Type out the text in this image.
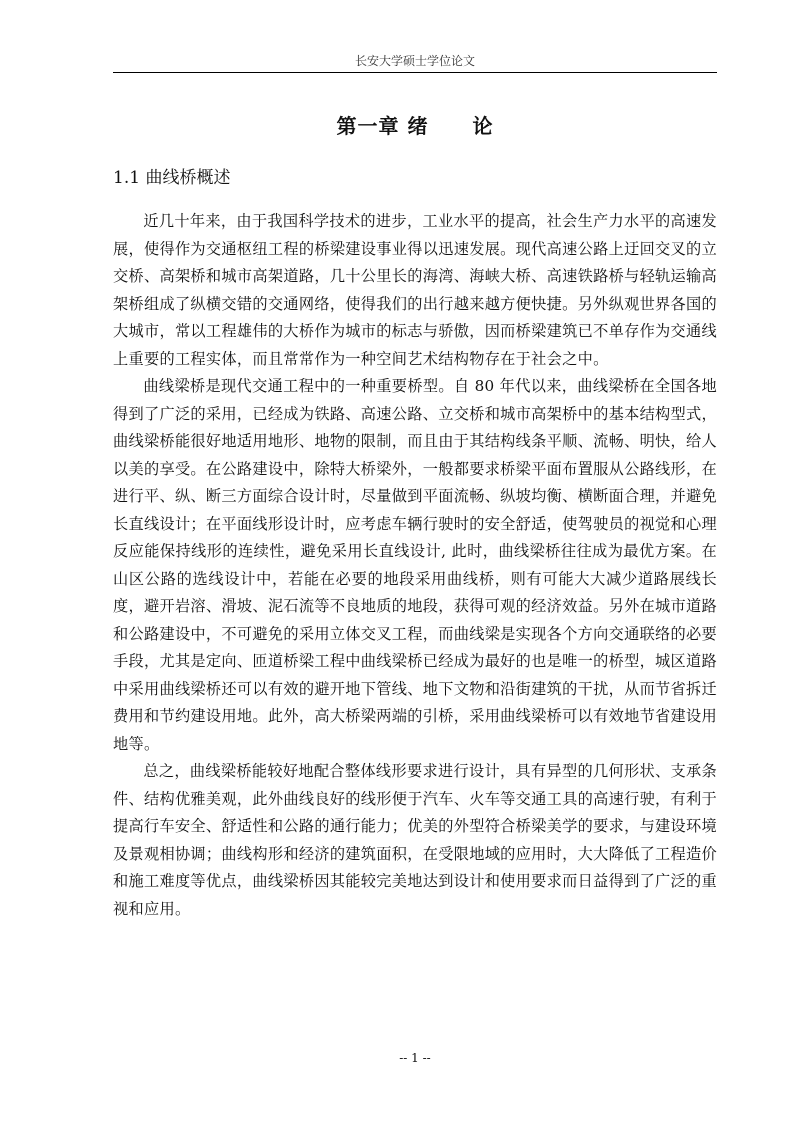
长安大学硕士学位论文
第一章 绪 论
1.1 曲线桥概述

近几十年来，由于我国科学技术的进步，工业水平的提高，社会生产力水平的高速发展，使得作为交通枢纽工程的桥梁建设事业得以迅速发展。现代高速公路上迂回交叉的立交桥、高架桥和城市高架道路，几十公里长的海湾、海峡大桥、高速铁路桥与轻轨运输高架桥组成了纵横交错的交通网络，使得我们的出行越来越方便快捷。另外纵观世界各国的大城市，常以工程雄伟的大桥作为城市的标志与骄傲，因而桥梁建筑已不单存作为交通线上重要的工程实体，而且常常作为一种空间艺术结构物存在于社会之中。

曲线梁桥是现代交通工程中的一种重要桥型。自 80 年代以来，曲线梁桥在全国各地得到了广泛的采用，已经成为铁路、高速公路、立交桥和城市高架桥中的基本结构型式，曲线梁桥能很好地适用地形、地物的限制，而且由于其结构线条平顺、流畅、明快，给人以美的享受。在公路建设中，除特大桥梁外，一般都要求桥梁平面布置服从公路线形，在进行平、纵、断三方面综合设计时，尽量做到平面流畅、纵坡均衡、横断面合理，并避免长直线设计；在平面线形设计时，应考虑车辆行驶时的安全舒适，使驾驶员的视觉和心理反应能保持线形的连续性，避免采用长直线设计, 此时，曲线梁桥往往成为最优方案。在山区公路的选线设计中，若能在必要的地段采用曲线桥，则有可能大大减少道路展线长度，避开岩溶、滑坡、泥石流等不良地质的地段，获得可观的经济效益。另外在城市道路和公路建设中，不可避免的采用立体交叉工程，而曲线梁是实现各个方向交通联络的必要手段，尤其是定向、匝道桥梁工程中曲线梁桥已经成为最好的也是唯一的桥型，城区道路中采用曲线梁桥还可以有效的避开地下管线、地下文物和沿街建筑的干扰，从而节省拆迁费用和节约建设用地。此外，高大桥梁两端的引桥，采用曲线梁桥可以有效地节省建设用地等。

总之，曲线梁桥能较好地配合整体线形要求进行设计，具有异型的几何形状、支承条件、结构优雅美观，此外曲线良好的线形便于汽车、火车等交通工具的高速行驶，有利于提高行车安全、舒适性和公路的通行能力；优美的外型符合桥梁美学的要求，与建设环境及景观相协调；曲线构形和经济的建筑面积，在受限地域的应用时，大大降低了工程造价和施工难度等优点，曲线梁桥因其能较完美地达到设计和使用要求而日益得到了广泛的重视和应用。

-- 1 --
